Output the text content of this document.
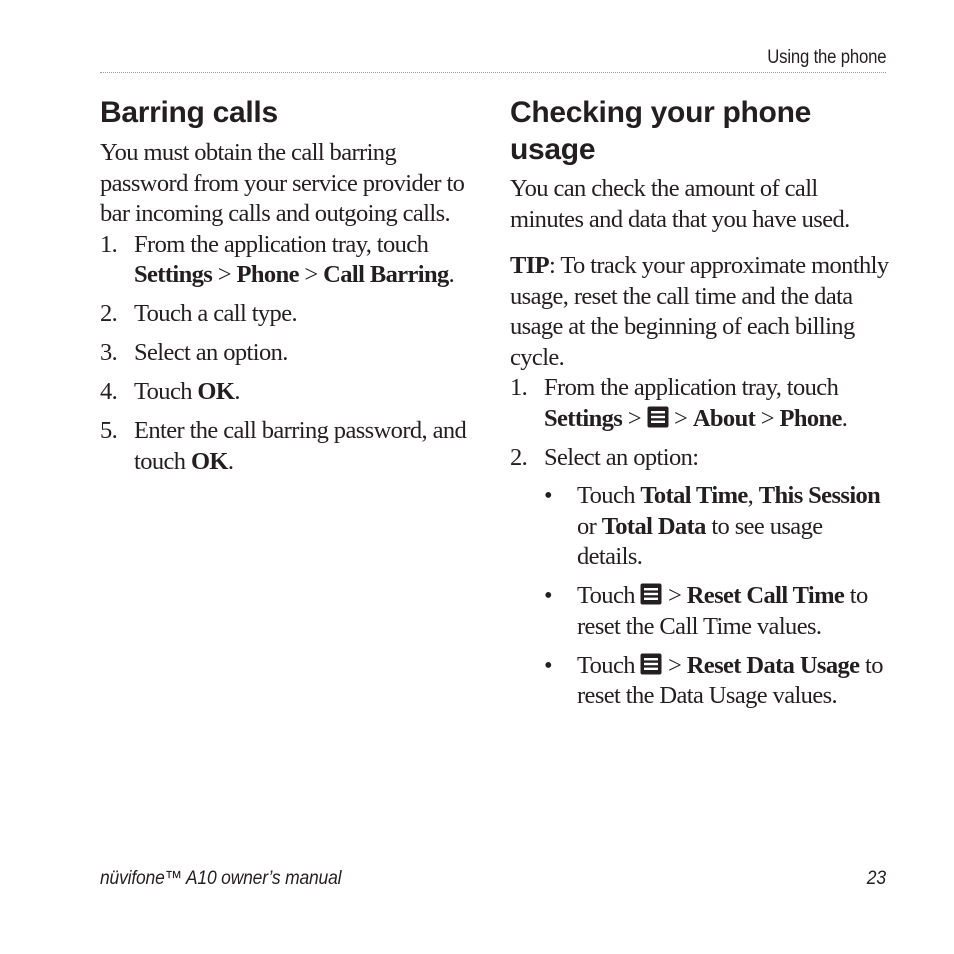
Using the phone
Barring calls

You must obtain the call barring password from your service provider to bar incoming calls and outgoing calls.

1. From the application tray, touch
Settings > Phone > Call Barring.
2. Touch a call type.
3. Select an option.
4. Touch OK.
5. Enter the call barring password, and touch OK.
Checking your phone usage

You can check the amount of call minutes and data that you have used.

TIP: To track your approximate monthly usage, reset the call time and the data usage at the beginning of each billing cycle.

1. From the application tray, touch
Settings >
> About > Phone.
2. Select an option:
• Touch Total Time, This Session or Total Data to see usage details.
• Touch
> Reset Call Time to reset the Call Time values.
• Touch
> Reset Data Usage to reset the Data Usage values.
nüvifone™ A10 owner’s manual	23
